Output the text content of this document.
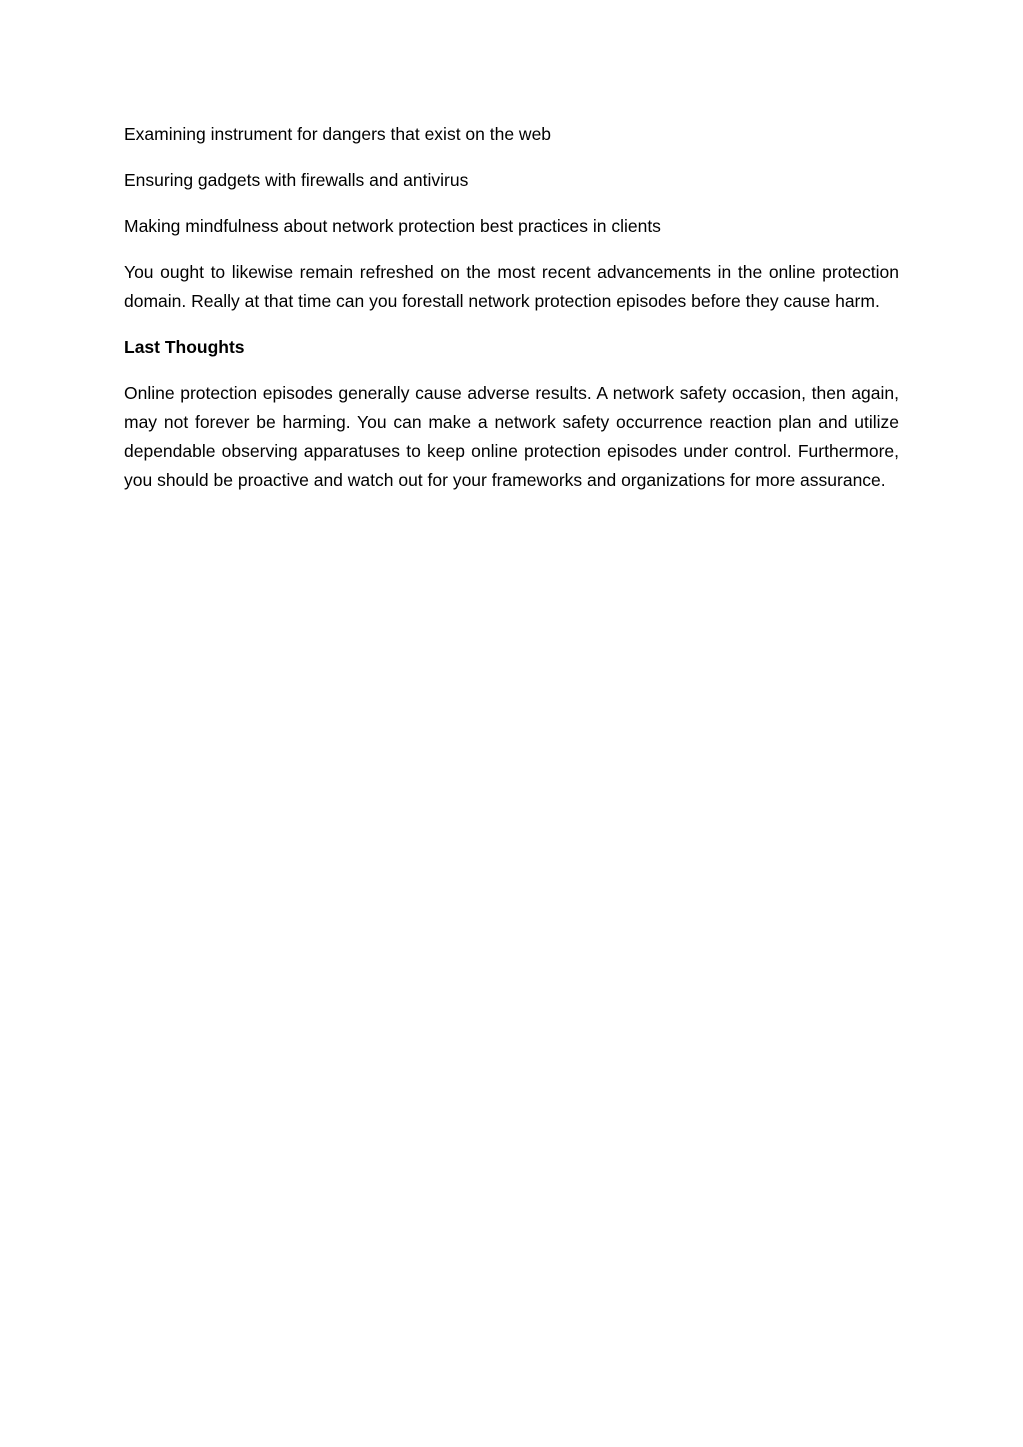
Examining instrument for dangers that exist on the web

Ensuring gadgets with firewalls and antivirus

Making mindfulness about network protection best practices in clients

You ought to likewise remain refreshed on the most recent advancements in the online protection domain. Really at that time can you forestall network protection episodes before they cause harm.

Last Thoughts

Online protection episodes generally cause adverse results. A network safety occasion, then again, may not forever be harming. You can make a network safety occurrence reaction plan and utilize dependable observing apparatuses to keep online protection episodes under control. Furthermore, you should be proactive and watch out for your frameworks and organizations for more assurance.
